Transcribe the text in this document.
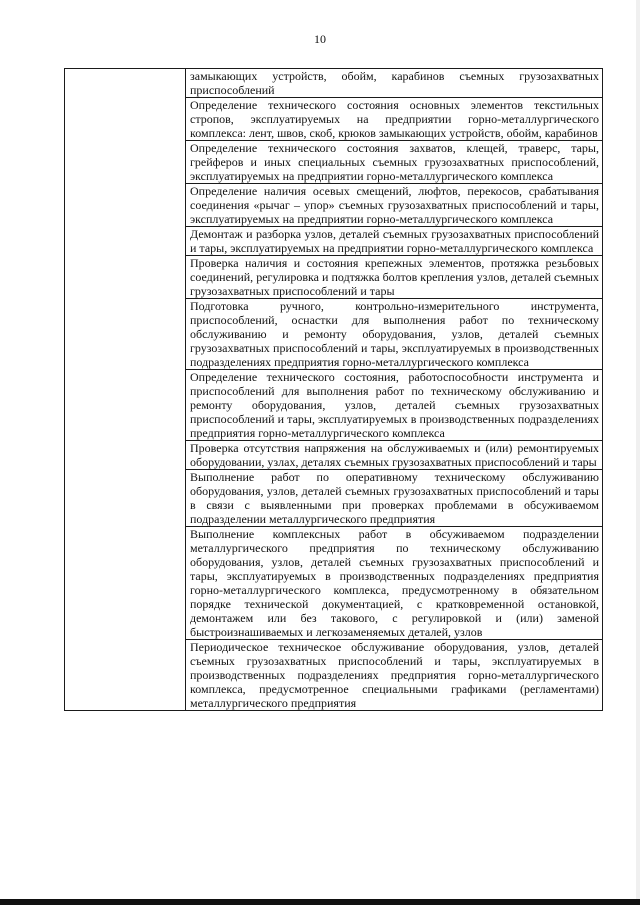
10

замыкающих устройств, обойм, карабинов съемных грузозахватных приспособлений

Определение технического состояния основных элементов текстильных стропов, эксплуатируемых на предприятии горно-металлургического комплекса: лент, швов, скоб, крюков замыкающих устройств, обойм, карабинов

Определение технического состояния захватов, клещей, траверс, тары, грейферов и иных специальных съемных грузозахватных приспособлений, эксплуатируемых на предприятии горно-металлургического комплекса

Определение наличия осевых смещений, люфтов, перекосов, срабатывания соединения «рычаг – упор» съемных грузозахватных приспособлений и тары, эксплуатируемых на предприятии горно-металлургического комплекса

Демонтаж и разборка узлов, деталей съемных грузозахватных приспособлений и тары, эксплуатируемых на предприятии горно-металлургического комплекса

Проверка наличия и состояния крепежных элементов, протяжка резьбовых соединений, регулировка и подтяжка болтов крепления узлов, деталей съемных грузозахватных приспособлений и тары

Подготовка ручного, контрольно-измерительного инструмента, приспособлений, оснастки для выполнения работ по техническому обслуживанию и ремонту оборудования, узлов, деталей съемных грузозахватных приспособлений и тары, эксплуатируемых в производственных подразделениях предприятия горно-металлургического комплекса

Определение технического состояния, работоспособности инструмента и приспособлений для выполнения работ по техническому обслуживанию и ремонту оборудования, узлов, деталей съемных грузозахватных приспособлений и тары, эксплуатируемых в производственных подразделениях предприятия горно-металлургического комплекса

Проверка отсутствия напряжения на обслуживаемых и (или) ремонтируемых оборудовании, узлах, деталях съемных грузозахватных приспособлений и тары

Выполнение работ по оперативному техническому обслуживанию оборудования, узлов, деталей съемных грузозахватных приспособлений и тары в связи с выявленными при проверках проблемами в обсуживаемом подразделении металлургического предприятия

Выполнение комплексных работ в обсуживаемом подразделении металлургического предприятия по техническому обслуживанию оборудования, узлов, деталей съемных грузозахватных приспособлений и тары, эксплуатируемых в производственных подразделениях предприятия горно-металлургического комплекса, предусмотренному в обязательном порядке технической документацией, с кратковременной остановкой, демонтажем или без такового, с регулировкой и (или) заменой быстроизнашиваемых и легкозаменяемых деталей, узлов

Периодическое техническое обслуживание оборудования, узлов, деталей съемных грузозахватных приспособлений и тары, эксплуатируемых в производственных подразделениях предприятия горно-металлургического комплекса, предусмотренное специальными графиками (регламентами) металлургического предприятия
